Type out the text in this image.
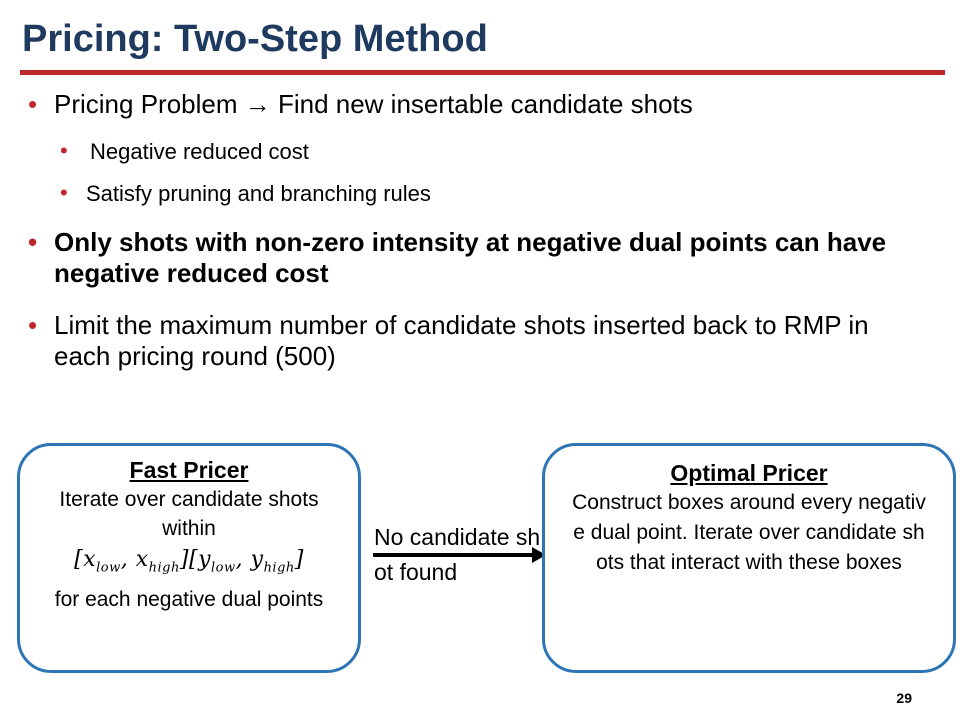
Pricing: Two-Step Method
• Pricing Problem → Find new insertable candidate shots
• Negative reduced cost
• Satisfy pruning and branching rules
• Only shots with non-zero intensity at negative dual points can have negative reduced cost
• Limit the maximum number of candidate shots inserted back to RMP in each pricing round (500)
Fast Pricer
Iterate over candidate shots within
[$x_{low}$, $x_{high}][y_{low}$, $y_{high}$]
for each negative dual points
No candidate shot found
Optimal Pricer
Construct boxes around every negative dual point. Iterate over candidate shots that interact with these boxes
29
